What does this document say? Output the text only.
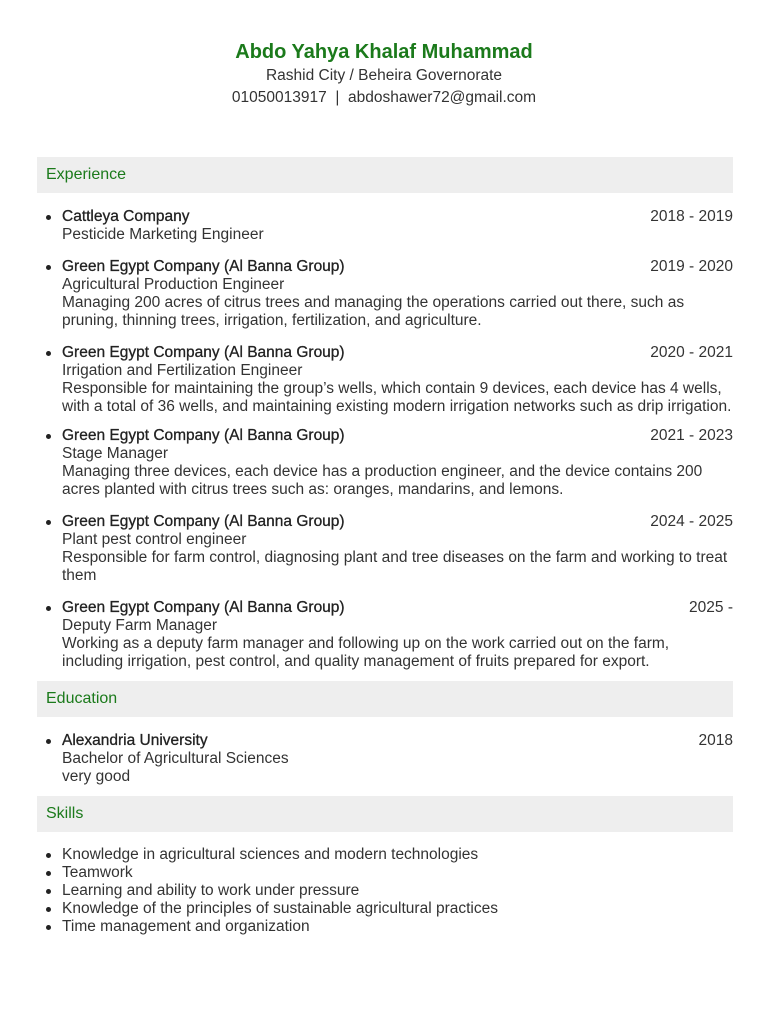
Abdo Yahya Khalaf Muhammad
Rashid City / Beheira Governorate
01050013917  |  abdoshawer72@gmail.com
Experience
Cattleya Company	2018 - 2019
Pesticide Marketing Engineer
Green Egypt Company (Al Banna Group)	2019 - 2020
Agricultural Production Engineer
Managing 200 acres of citrus trees and managing the operations carried out there, such as pruning, thinning trees, irrigation, fertilization, and agriculture.
Green Egypt Company (Al Banna Group)	2020 - 2021
Irrigation and Fertilization Engineer
Responsible for maintaining the group’s wells, which contain 9 devices, each device has 4 wells, with a total of 36 wells, and maintaining existing modern irrigation networks such as drip irrigation.
Green Egypt Company (Al Banna Group)	2021 - 2023
Stage Manager
Managing three devices, each device has a production engineer, and the device contains 200 acres planted with citrus trees such as: oranges, mandarins, and lemons.
Green Egypt Company (Al Banna Group)	2024 - 2025
Plant pest control engineer
Responsible for farm control, diagnosing plant and tree diseases on the farm and working to treat them
Green Egypt Company (Al Banna Group)	2025 -
Deputy Farm Manager
Working as a deputy farm manager and following up on the work carried out on the farm, including irrigation, pest control, and quality management of fruits prepared for export.
Education
Alexandria University	2018
Bachelor of Agricultural Sciences
very good
Skills
Knowledge in agricultural sciences and modern technologies
Teamwork
Learning and ability to work under pressure
Knowledge of the principles of sustainable agricultural practices
Time management and organization
